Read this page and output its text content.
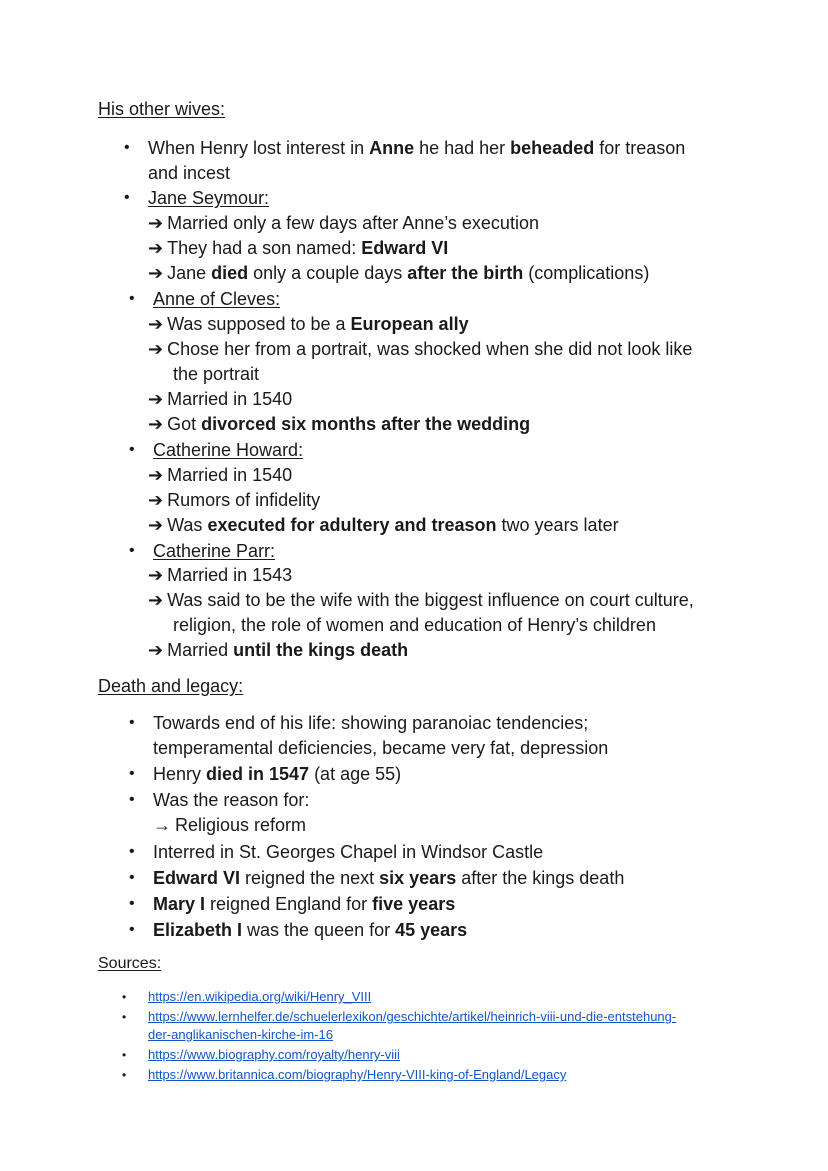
His other wives:
• When Henry lost interest in Anne he had her beheaded for treason
and incest
• Jane Seymour:
➔ Married only a few days after Anne’s execution
➔ They had a son named: Edward VI
➔ Jane died only a couple days after the birth (complications)
• Anne of Cleves:
➔ Was supposed to be a European ally
➔ Chose her from a portrait, was shocked when she did not look like
the portrait
➔ Married in 1540
➔ Got divorced six months after the wedding
• Catherine Howard:
➔ Married in 1540
➔ Rumors of infidelity
➔ Was executed for adultery and treason two years later
• Catherine Parr:
➔ Married in 1543
➔ Was said to be the wife with the biggest influence on court culture,
religion, the role of women and education of Henry’s children
➔ Married until the kings death
Death and legacy:
• Towards end of his life: showing paranoiac tendencies;
temperamental deficiencies, became very fat, depression
• Henry died in 1547 (at age 55)
• Was the reason for:
→ Religious reform
• Interred in St. Georges Chapel in Windsor Castle
• Edward VI reigned the next six years after the kings death
• Mary I reigned England for five years
• Elizabeth I was the queen for 45 years
Sources:
• https://en.wikipedia.org/wiki/Henry_VIII
• https://www.lernhelfer.de/schuelerlexikon/geschichte/artikel/heinrich-viii-und-die-entstehung-
der-anglikanischen-kirche-im-16
• https://www.biography.com/royalty/henry-viii
• https://www.britannica.com/biography/Henry-VIII-king-of-England/Legacy
